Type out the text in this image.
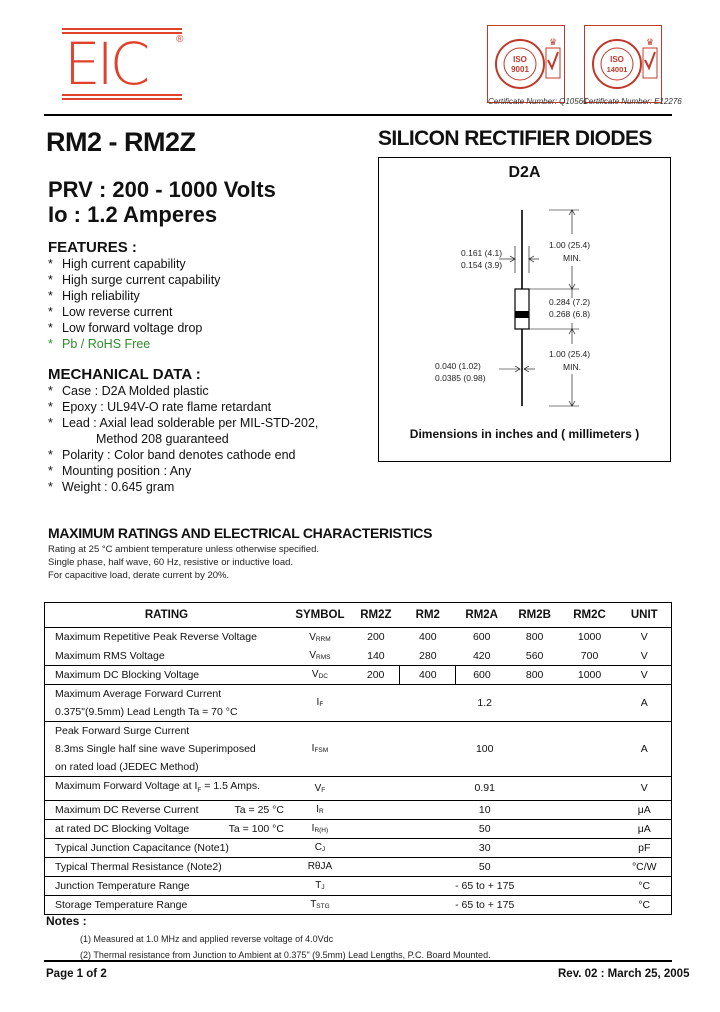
EIC	®
ISO
9001
♛
ISO
14001
♛
Certificate Number: Q10561
Certificate Number: E12276
RM2 - RM2Z	SILICON RECTIFIER DIODES
PRV : 200 - 1000 Volts
Io : 1.2 Amperes
FEATURES :
* High current capability
* High surge current capability
* High reliability
* Low reverse current
* Low forward voltage drop
* Pb / RoHS Free
MECHANICAL DATA :
* Case : D2A Molded plastic
* Epoxy : UL94V-O rate flame retardant
* Lead : Axial lead solderable per MIL-STD-202,
Method 208 guaranteed
* Polarity : Color band denotes cathode end
* Mounting position : Any
* Weight : 0.645 gram
D2A
0.161 (4.1)
0.154 (3.9)
1.00 (25.4)
MIN.
0.284 (7.2)
0.268 (6.8)
1.00 (25.4)
MIN.
0.040 (1.02)
0.0385 (0.98)
Dimensions in inches and ( millimeters )
MAXIMUM RATINGS AND ELECTRICAL CHARACTERISTICS
Rating at 25 °C ambient temperature unless otherwise specified.
Single phase, half wave, 60 Hz, resistive or inductive load.
For capacitive load, derate current by 20%.
RATING	SYMBOL	RM2Z	RM2	RM2A	RM2B	RM2C	UNIT
Maximum Repetitive Peak Reverse Voltage	$V_{RRM}$	200	400	600	800	1000	V
Maximum RMS Voltage	$V_{RMS}$	140	280	420	560	700	V
Maximum DC Blocking Voltage	$V_{DC}$	200	400	600	800	1000	V

Maximum Average Forward Current
0.375"(9.5mm) Lead Length Ta = 70 °C	$I_F$	1.2					A

Peak Forward Surge Current
8.3ms Single half sine wave Superimposed
on rated load (JEDEC Method)	$I_{FSM}$	100					A
Maximum Forward Voltage at $I_F = 1.5$ Amps.	$V_F$	0.91					V
Maximum DC Reverse Current Ta = 25 °C	$I_R$	10					μA
at rated DC Blocking Voltage Ta = 100 °C	$I_{R(H)}$	50					μA
Typical Junction Capacitance (Note1)	$C_J$	30					pF
Typical Thermal Resistance (Note2)	RθJA	50					°C/W
Junction Temperature Range	$T_J$	- 65 to + 175					°C
Storage Temperature Range	$T_{STG}$	- 65 to + 175					°C
Notes :
(1) Measured at 1.0 MHz and applied reverse voltage of 4.0Vdc
(2) Thermal resistance from Junction to Ambient at 0.375" (9.5mm) Lead Lengths, P.C. Board Mounted.
Page 1 of 2	Rev. 02 : March 25, 2005
